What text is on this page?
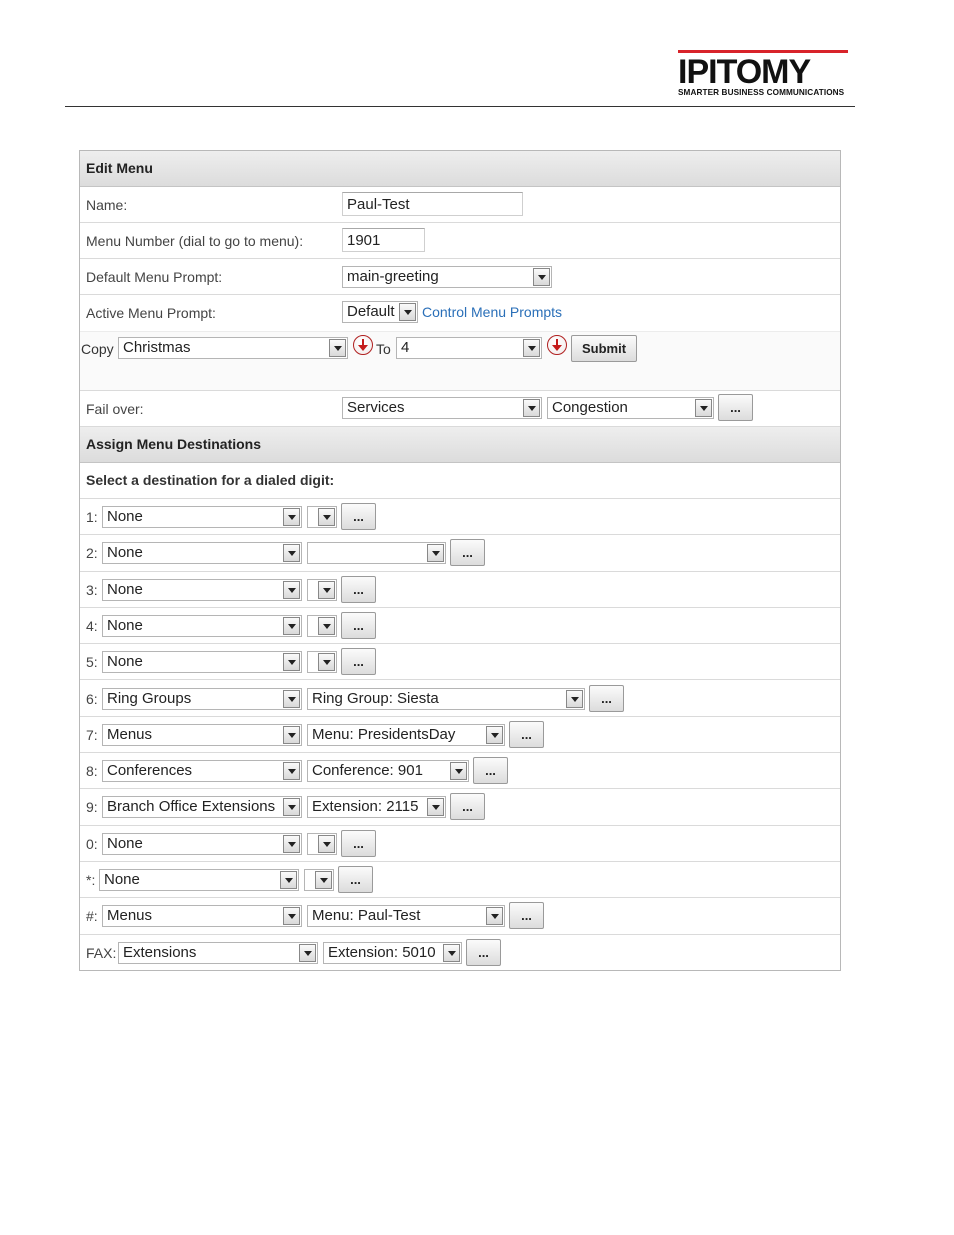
IPITOMY
SMARTER BUSINESS COMMUNICATIONS
Edit Menu
Name:	Paul-Test
Menu Number (dial to go to menu):	1901
Default Menu Prompt:	main-greeting
Active Menu Prompt:	Default	Control Menu Prompts
Copy Christmas	To 4	Submit
Fail over:	Services	Congestion	...
Assign Menu Destinations
Select a destination for a dialed digit:
1: None	...
2: None	...
3: None	...
4: None	...
5: None	...
6: Ring Groups	Ring Group: Siesta	...
7: Menus	Menu: PresidentsDay	...
8: Conferences	Conference: 901	...
9: Branch Office Extensions	Extension: 2115	...
0: None	...
*: None	...
#: Menus	Menu: Paul-Test	...
FAX: Extensions	Extension: 5010	...
